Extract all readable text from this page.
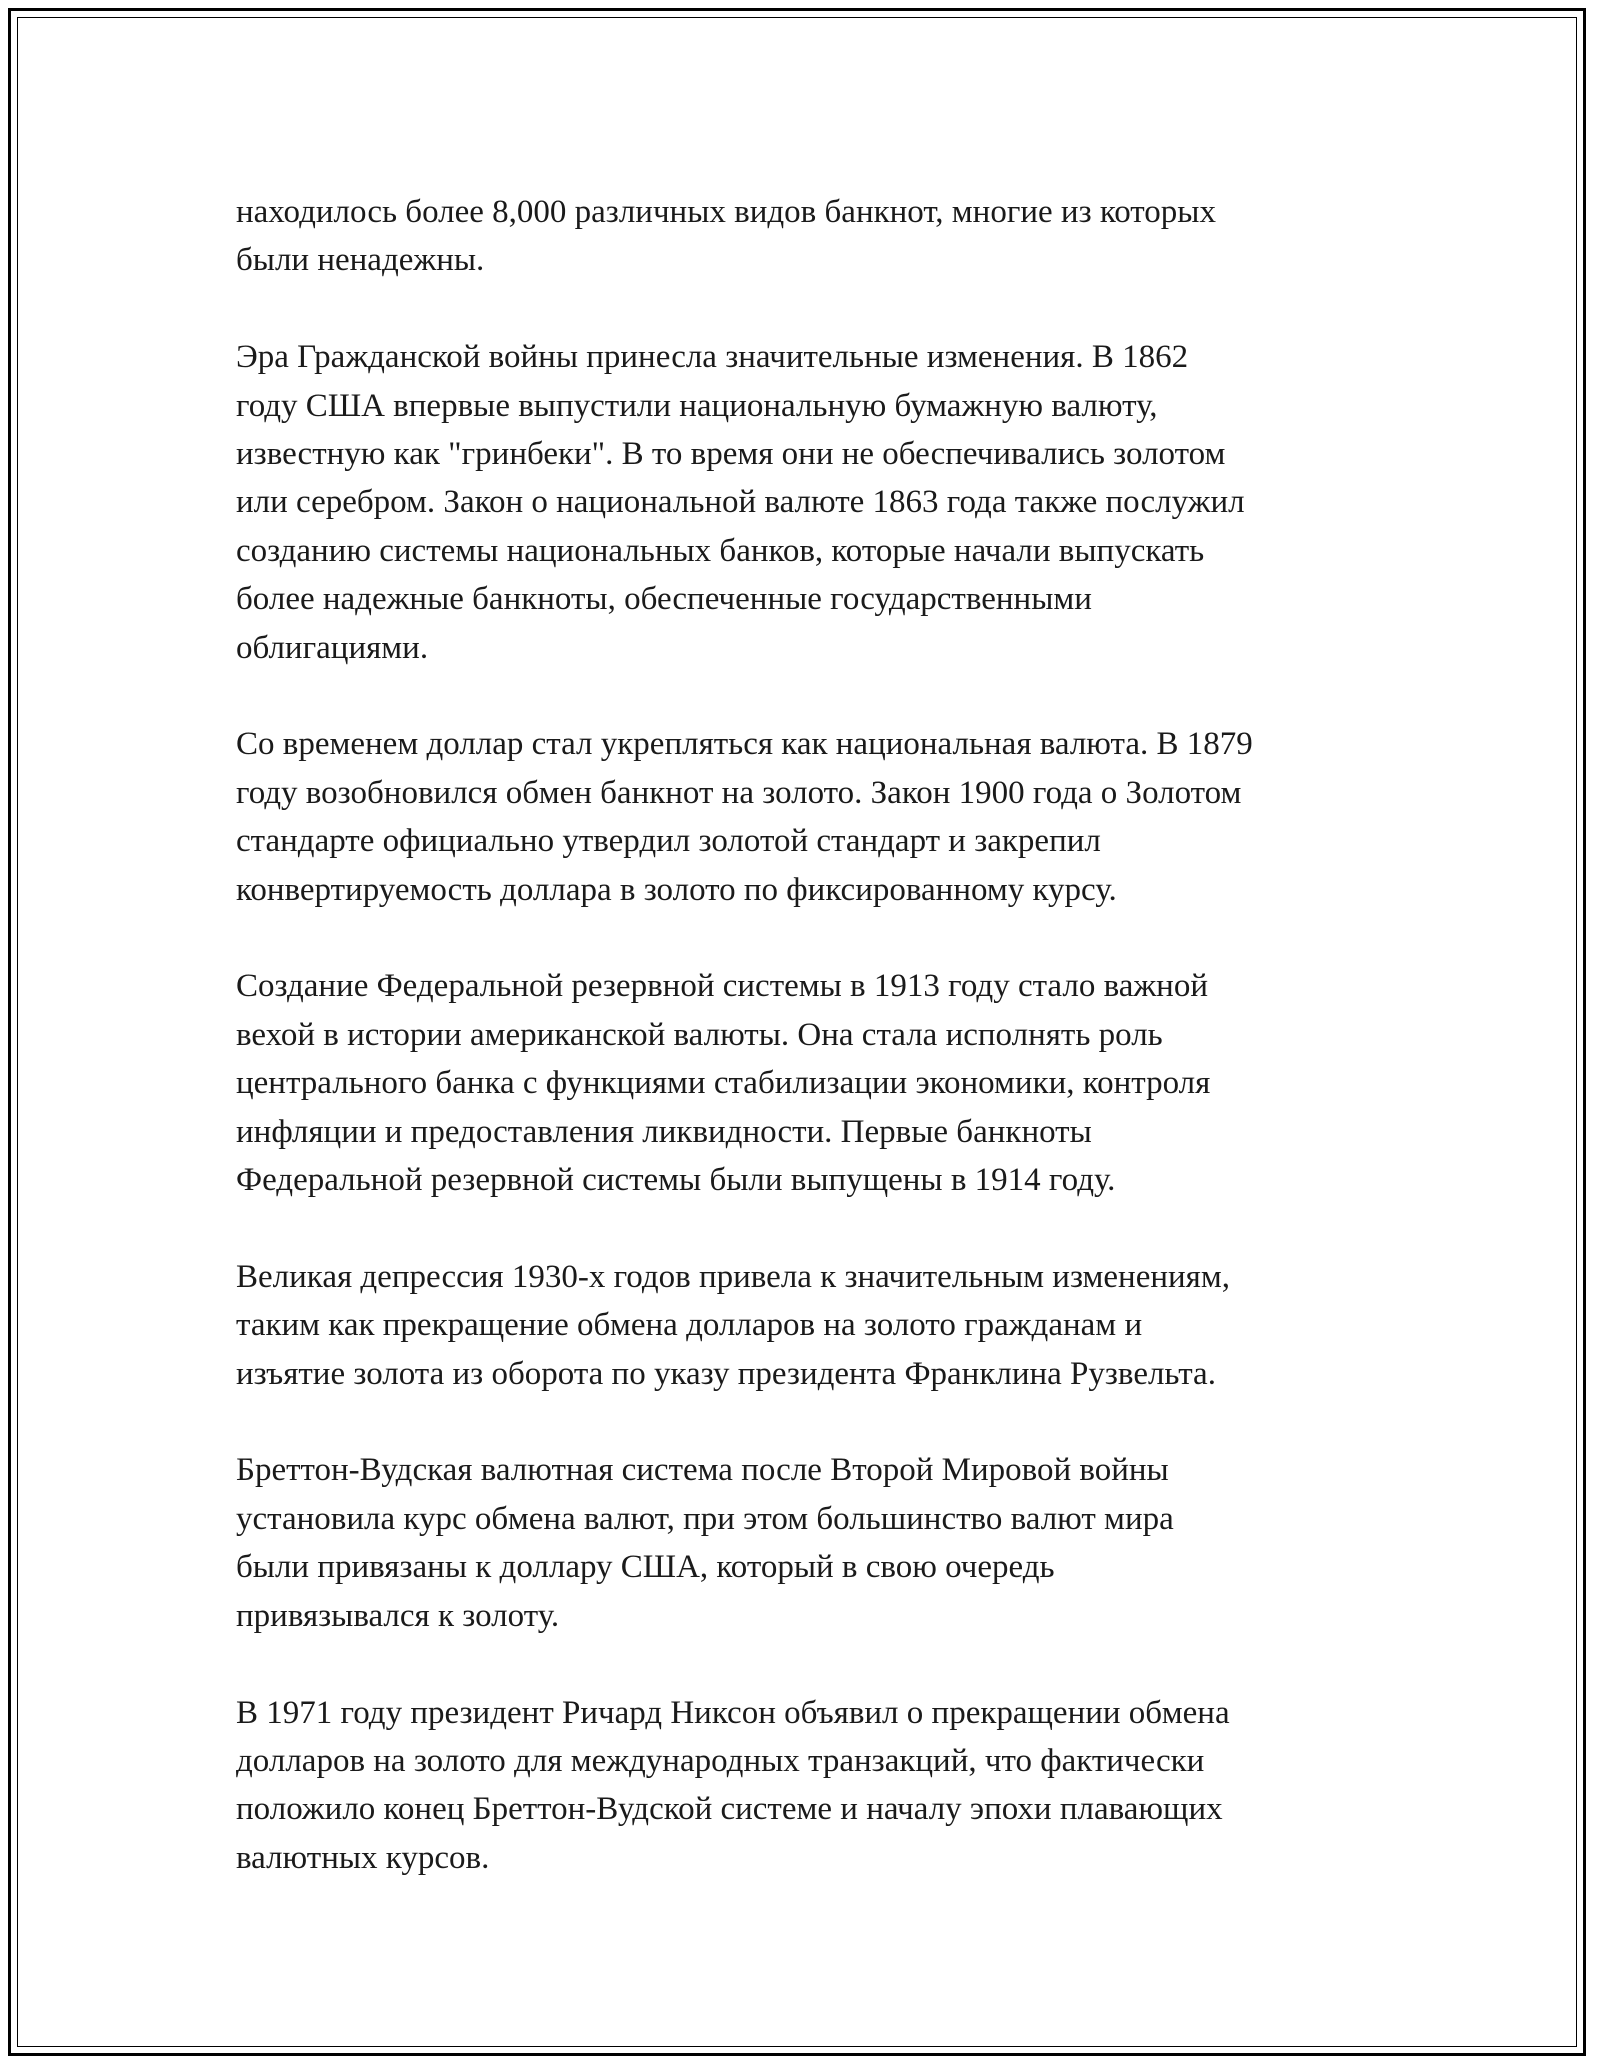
находилось более 8,000 различных видов банкнот, многие из которых
были ненадежны.

Эра Гражданской войны принесла значительные изменения. В 1862
году США впервые выпустили национальную бумажную валюту,
известную как "гринбеки". В то время они не обеспечивались золотом
или серебром. Закон о национальной валюте 1863 года также послужил
созданию системы национальных банков, которые начали выпускать
более надежные банкноты, обеспеченные государственными
облигациями.

Со временем доллар стал укрепляться как национальная валюта. В 1879
году возобновился обмен банкнот на золото. Закон 1900 года о Золотом
стандарте официально утвердил золотой стандарт и закрепил
конвертируемость доллара в золото по фиксированному курсу.

Создание Федеральной резервной системы в 1913 году стало важной
вехой в истории американской валюты. Она стала исполнять роль
центрального банка с функциями стабилизации экономики, контроля
инфляции и предоставления ликвидности. Первые банкноты
Федеральной резервной системы были выпущены в 1914 году.

Великая депрессия 1930-х годов привела к значительным изменениям,
таким как прекращение обмена долларов на золото гражданам и
изъятие золота из оборота по указу президента Франклина Рузвельта.

Бреттон-Вудская валютная система после Второй Мировой войны
установила курс обмена валют, при этом большинство валют мира
были привязаны к доллару США, который в свою очередь
привязывался к золоту.

В 1971 году президент Ричард Никсон объявил о прекращении обмена
долларов на золото для международных транзакций, что фактически
положило конец Бреттон-Вудской системе и началу эпохи плавающих
валютных курсов.
